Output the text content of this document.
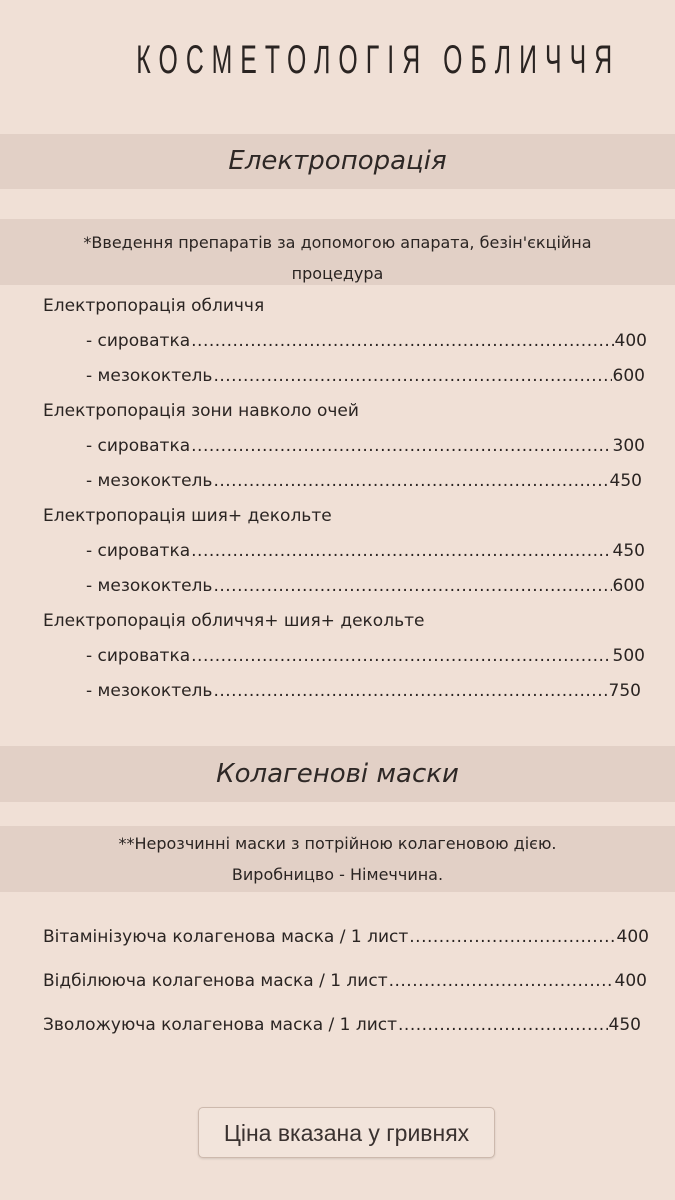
КОСМЕТОЛОГІЯ ОБЛИЧЧЯ
Електропорація
*Введення препаратів за допомогою апарата, безін'єкційна
процедура
Електропорація обличчя
- сироватка .....	400
- мезококтель .....	600
Електропорація зони навколо очей
- сироватка .....	300
- мезококтель .....	450
Електропорація шия+ декольте
- сироватка .....	450
- мезококтель .....	600
Електропорація обличчя+ шия+ декольте
- сироватка .....	500
- мезококтель .....	750
Колагенові маски
**Нерозчинні маски з потрійною колагеновою дією.
Виробницво - Німеччина.
Вітамінізуюча колагенова маска / 1 лист .....	400
Відбілююча колагенова маска / 1 лист .....	400
Зволожуюча колагенова маска / 1 лист .....	450
Ціна вказана у гривнях
